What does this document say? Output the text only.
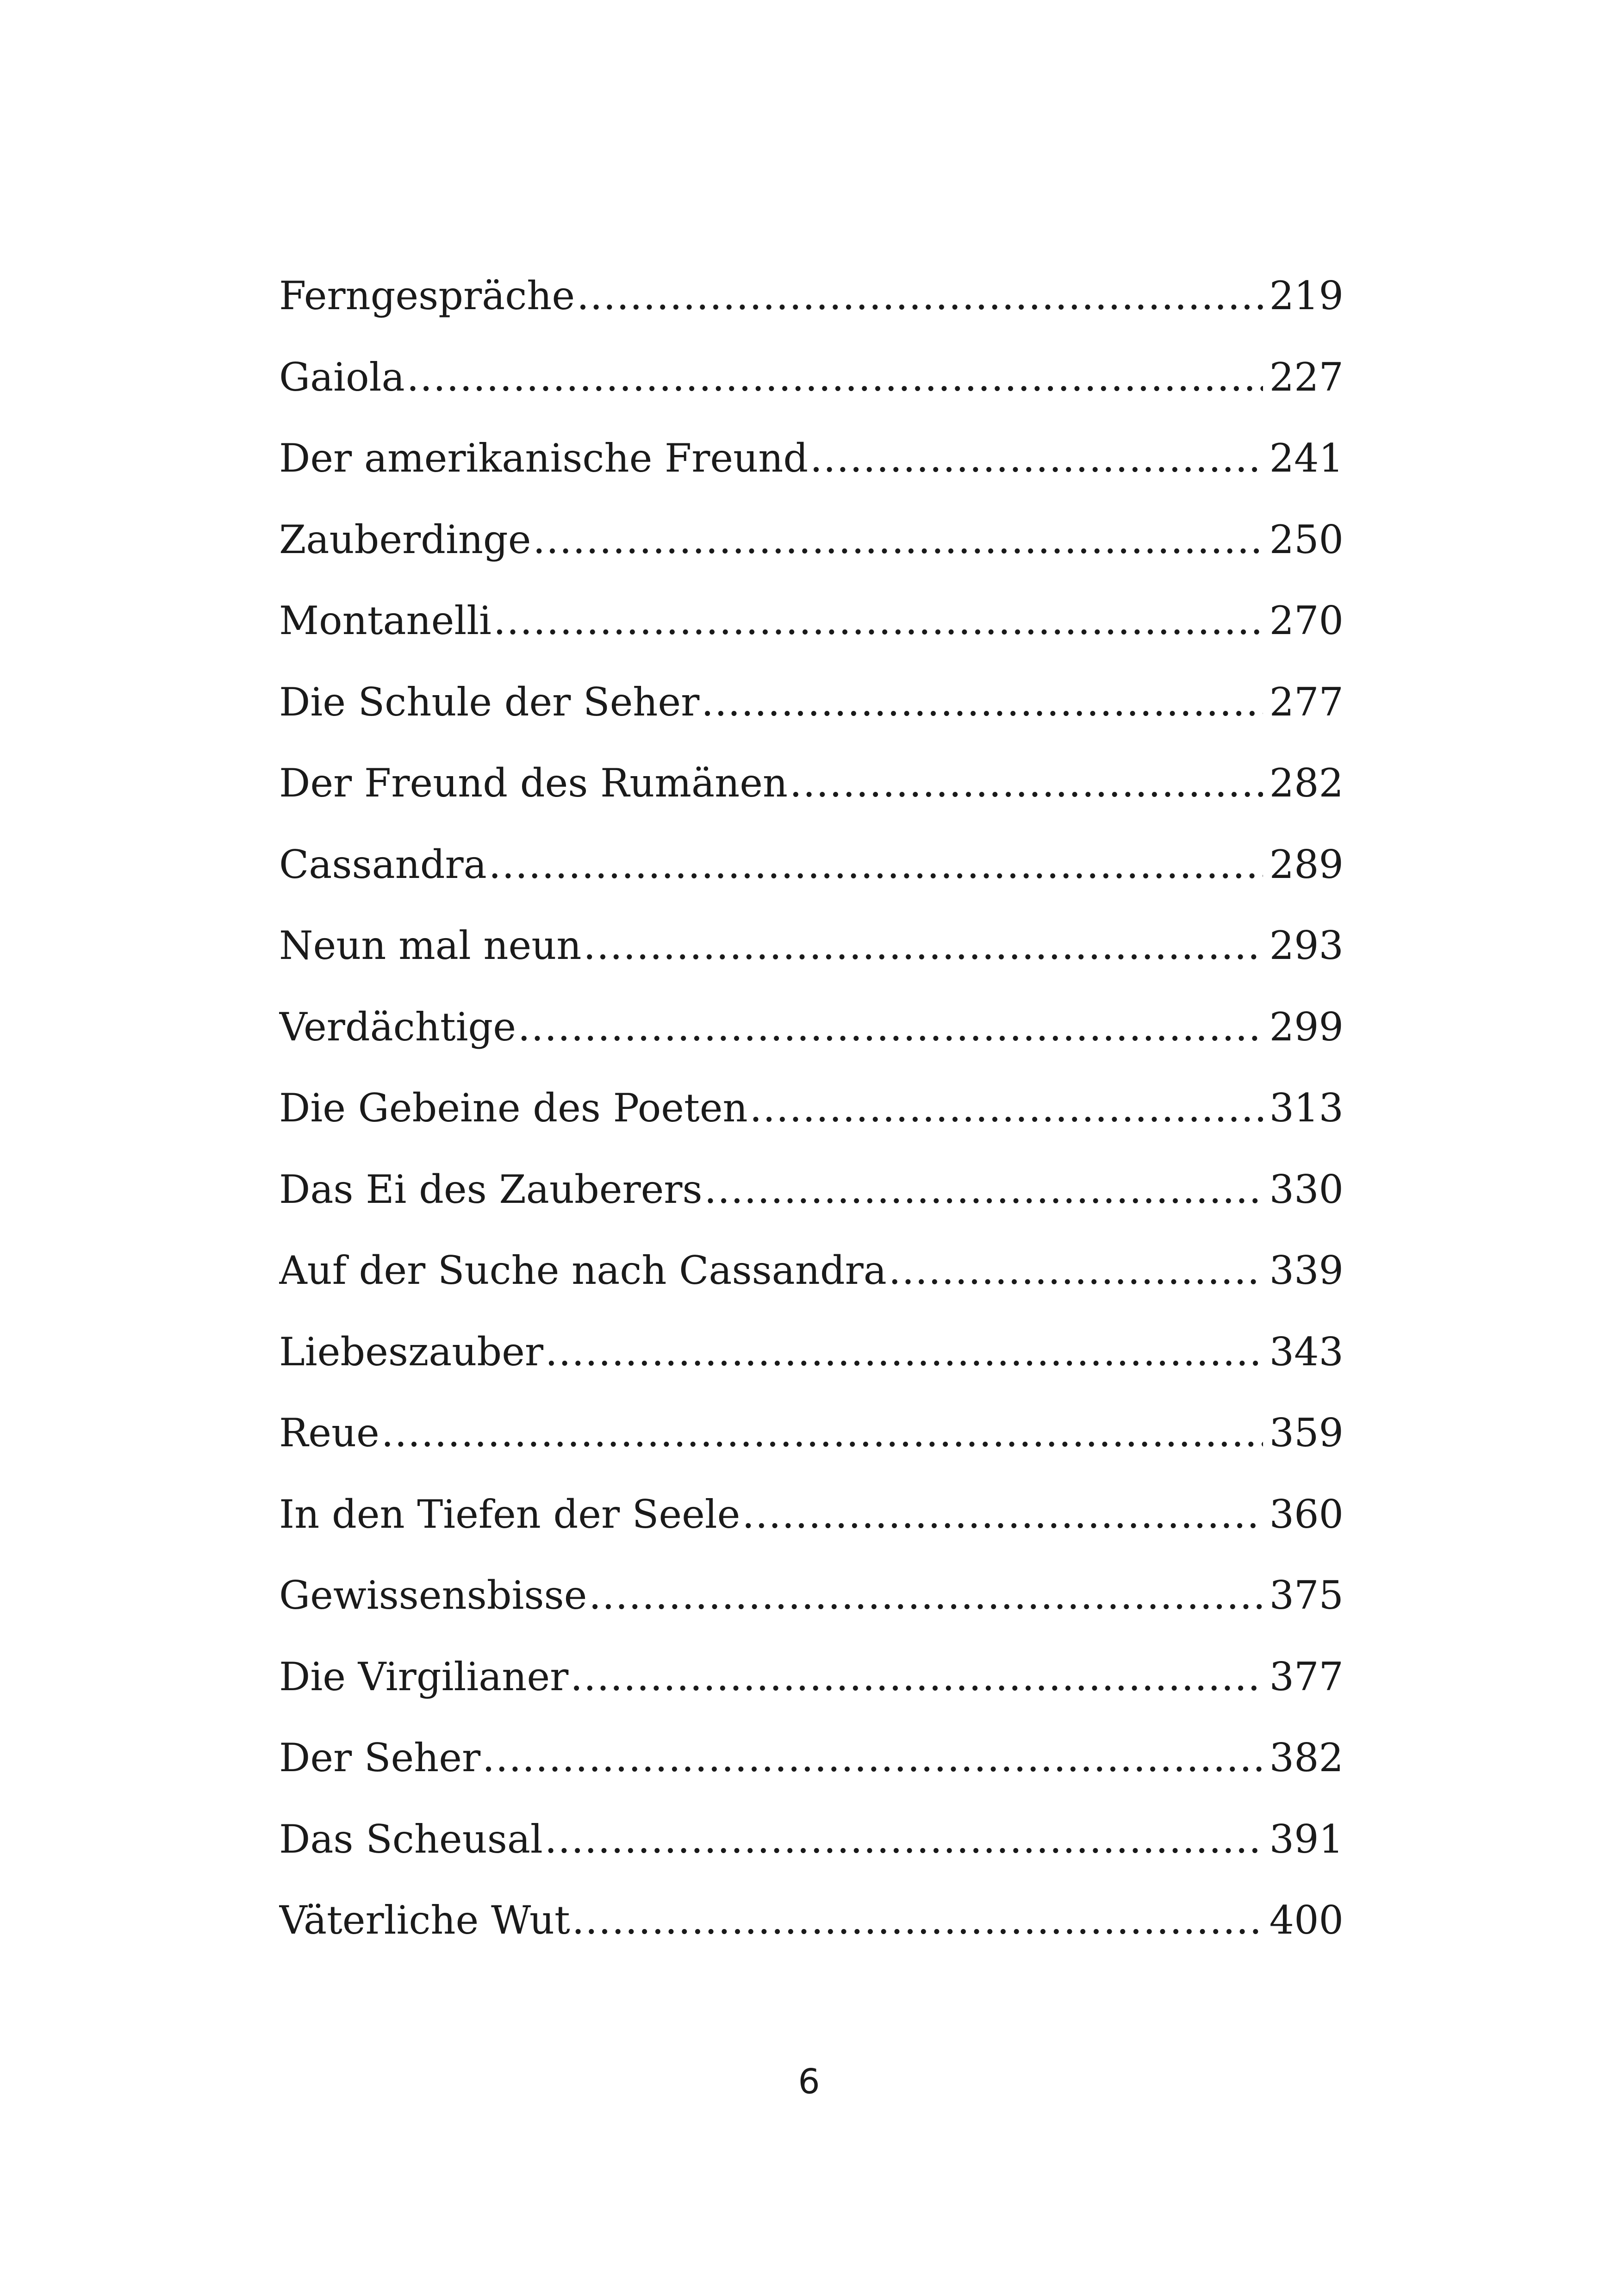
Ferngespräche .....	219
Gaiola .....	227
Der amerikanische Freund .....	241
Zauberdinge .....	250
Montanelli .....	270
Die Schule der Seher .....	277
Der Freund des Rumänen .....	282
Cassandra .....	289
Neun mal neun .....	293
Verdächtige .....	299
Die Gebeine des Poeten .....	313
Das Ei des Zauberers .....	330
Auf der Suche nach Cassandra .....	339
Liebeszauber .....	343
Reue .....	359
In den Tiefen der Seele .....	360
Gewissensbisse .....	375
Die Virgilianer .....	377
Der Seher .....	382
Das Scheusal .....	391
Väterliche Wut .....	400
6
